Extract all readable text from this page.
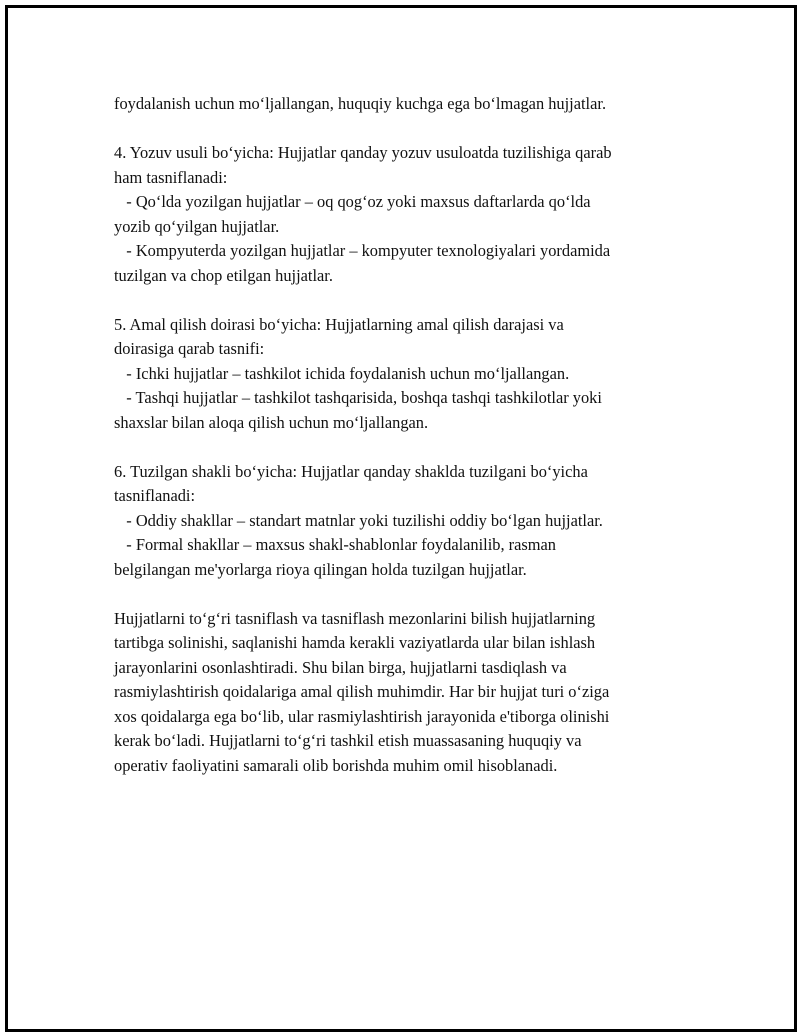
foydalanish uchun mo‘ljallangan, huquqiy kuchga ega bo‘lmagan hujjatlar.
4. Yozuv usuli bo‘yicha: Hujjatlar qanday yozuv usuloatda tuzilishiga qarab
ham tasniflanadi:
- Qo‘lda yozilgan hujjatlar – oq qog‘oz yoki maxsus daftarlarda qo‘lda
yozib qo‘yilgan hujjatlar.
- Kompyuterda yozilgan hujjatlar – kompyuter texnologiyalari yordamida
tuzilgan va chop etilgan hujjatlar.
5. Amal qilish doirasi bo‘yicha: Hujjatlarning amal qilish darajasi va
doirasiga qarab tasnifi:
- Ichki hujjatlar – tashkilot ichida foydalanish uchun mo‘ljallangan.
- Tashqi hujjatlar – tashkilot tashqarisida, boshqa tashqi tashkilotlar yoki
shaxslar bilan aloqa qilish uchun mo‘ljallangan.
6. Tuzilgan shakli bo‘yicha: Hujjatlar qanday shaklda tuzilgani bo‘yicha
tasniflanadi:
- Oddiy shakllar – standart matnlar yoki tuzilishi oddiy bo‘lgan hujjatlar.
- Formal shakllar – maxsus shakl-shablonlar foydalanilib, rasman
belgilangan me'yorlarga rioya qilingan holda tuzilgan hujjatlar.
Hujjatlarni to‘g‘ri tasniflash va tasniflash mezonlarini bilish hujjatlarning
tartibga solinishi, saqlanishi hamda kerakli vaziyatlarda ular bilan ishlash
jarayonlarini osonlashtiradi. Shu bilan birga, hujjatlarni tasdiqlash va
rasmiylashtirish qoidalariga amal qilish muhimdir. Har bir hujjat turi o‘ziga
xos qoidalarga ega bo‘lib, ular rasmiylashtirish jarayonida e'tiborga olinishi
kerak bo‘ladi. Hujjatlarni to‘g‘ri tashkil etish muassasaning huquqiy va
operativ faoliyatini samarali olib borishda muhim omil hisoblanadi.
